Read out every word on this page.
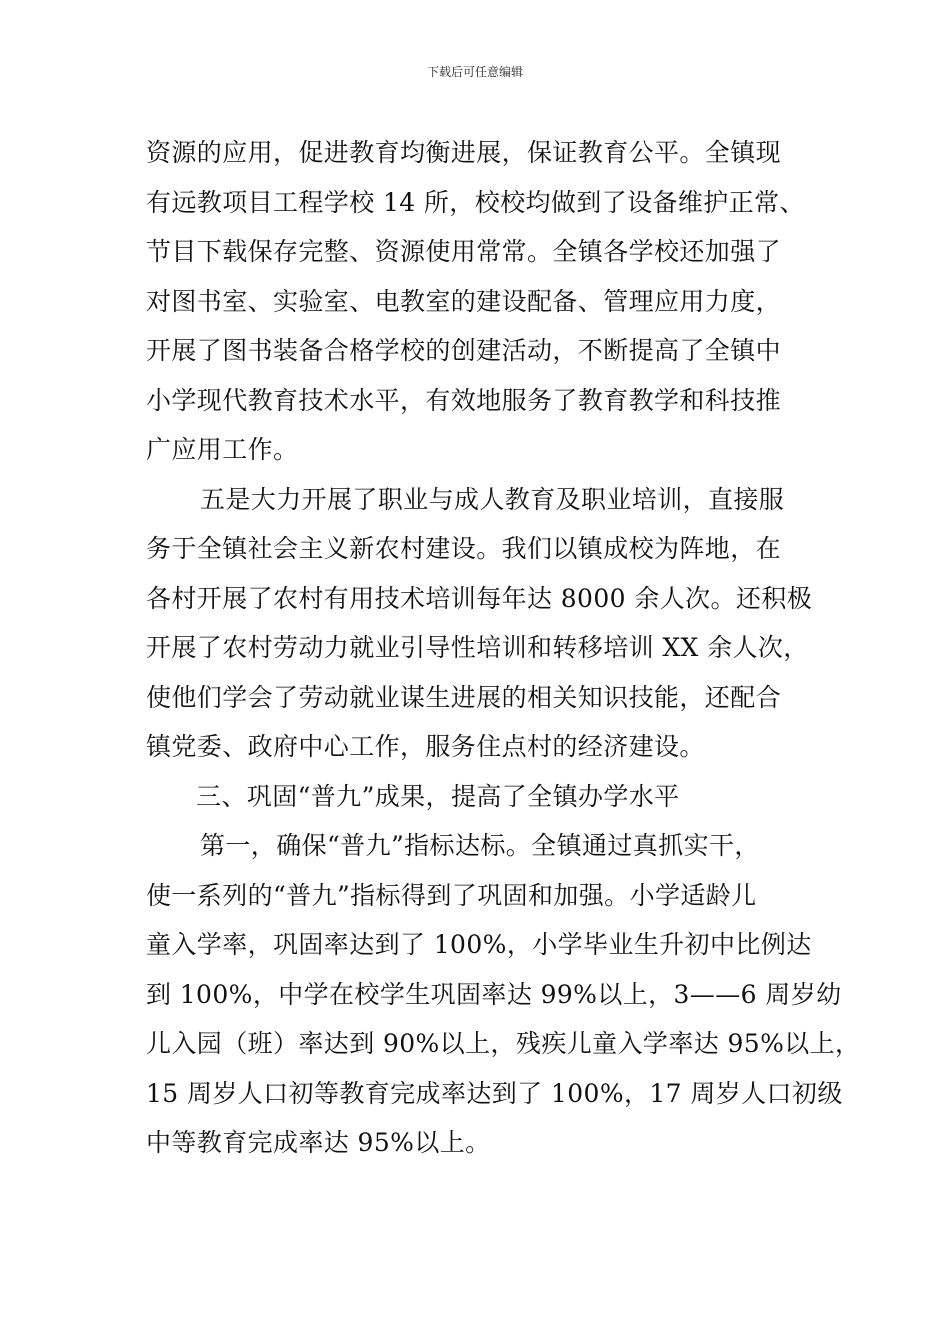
下载后可任意编辑
资源的应用，促进教育均衡进展，保证教育公平。全镇现
有远教项目工程学校 14 所，校校均做到了设备维护正常、
节目下载保存完整、资源使用常常。全镇各学校还加强了
对图书室、实验室、电教室的建设配备、管理应用力度，
开展了图书装备合格学校的创建活动，不断提高了全镇中
小学现代教育技术水平，有效地服务了教育教学和科技推
广应用工作。
五是大力开展了职业与成人教育及职业培训，直接服
务于全镇社会主义新农村建设。我们以镇成校为阵地，在
各村开展了农村有用技术培训每年达 8000 余人次。还积极
开展了农村劳动力就业引导性培训和转移培训 XX 余人次，
使他们学会了劳动就业谋生进展的相关知识技能，还配合
镇党委、政府中心工作，服务住点村的经济建设。
三、巩固“普九”成果，提高了全镇办学水平
第一，确保“普九”指标达标。全镇通过真抓实干，
使一系列的“普九”指标得到了巩固和加强。小学适龄儿
童入学率，巩固率达到了 100%，小学毕业生升初中比例达
到 100%，中学在校学生巩固率达 99%以上，3——6 周岁幼
儿入园（班）率达到 90%以上，残疾儿童入学率达 95%以上，
15 周岁人口初等教育完成率达到了 100%，17 周岁人口初级
中等教育完成率达 95%以上。
